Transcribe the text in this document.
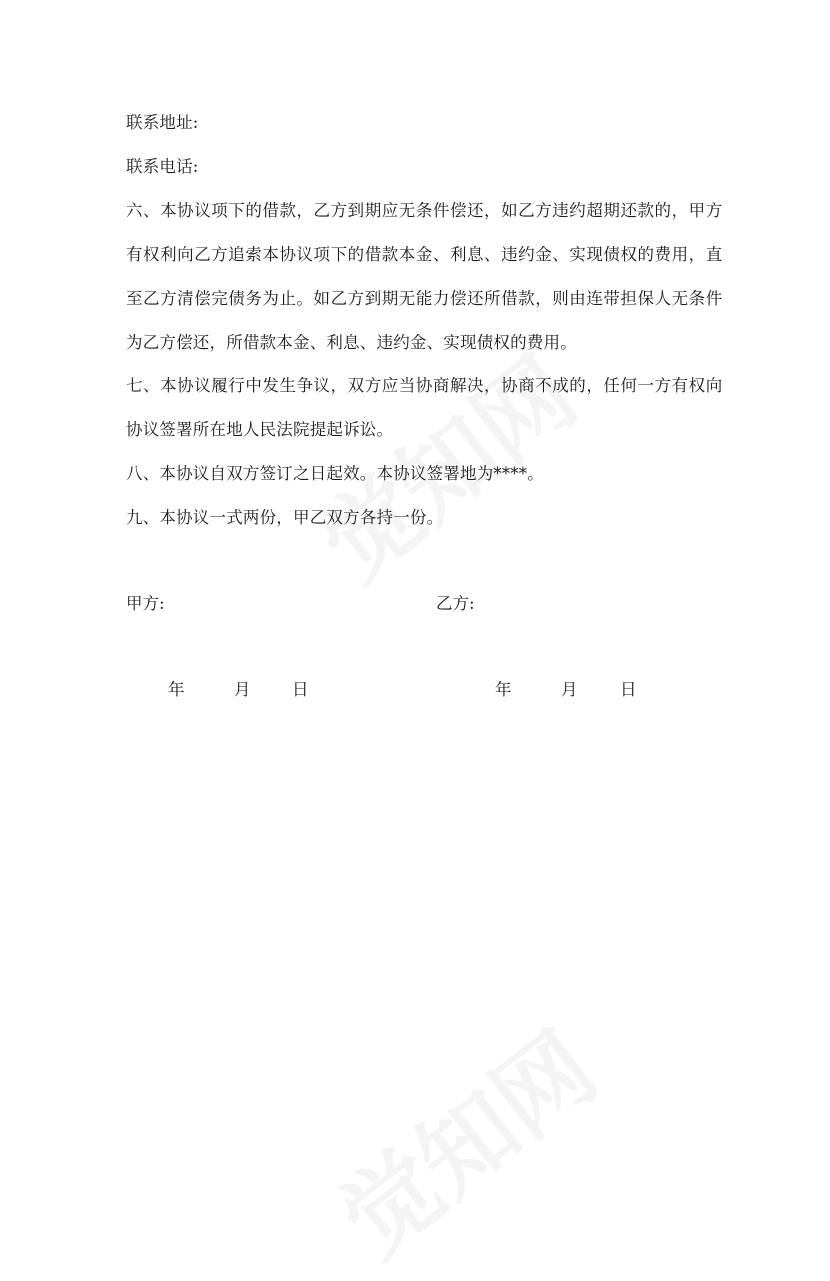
联系地址:
联系电话:
六、本协议项下的借款，乙方到期应无条件偿还，如乙方违约超期还款的，甲方
有权利向乙方追索本协议项下的借款本金、利息、违约金、实现债权的费用，直
至乙方清偿完债务为止。如乙方到期无能力偿还所借款，则由连带担保人无条件
为乙方偿还，所借款本金、利息、违约金、实现债权的费用。
七、本协议履行中发生争议，双方应当协商解决，协商不成的，任何一方有权向
协议签署所在地人民法院提起诉讼。
八、本协议自双方签订之日起效。本协议签署地为****。
九、本协议一式两份，甲乙双方各持一份。
甲方:	乙方:
年	月	日	年	月	日
